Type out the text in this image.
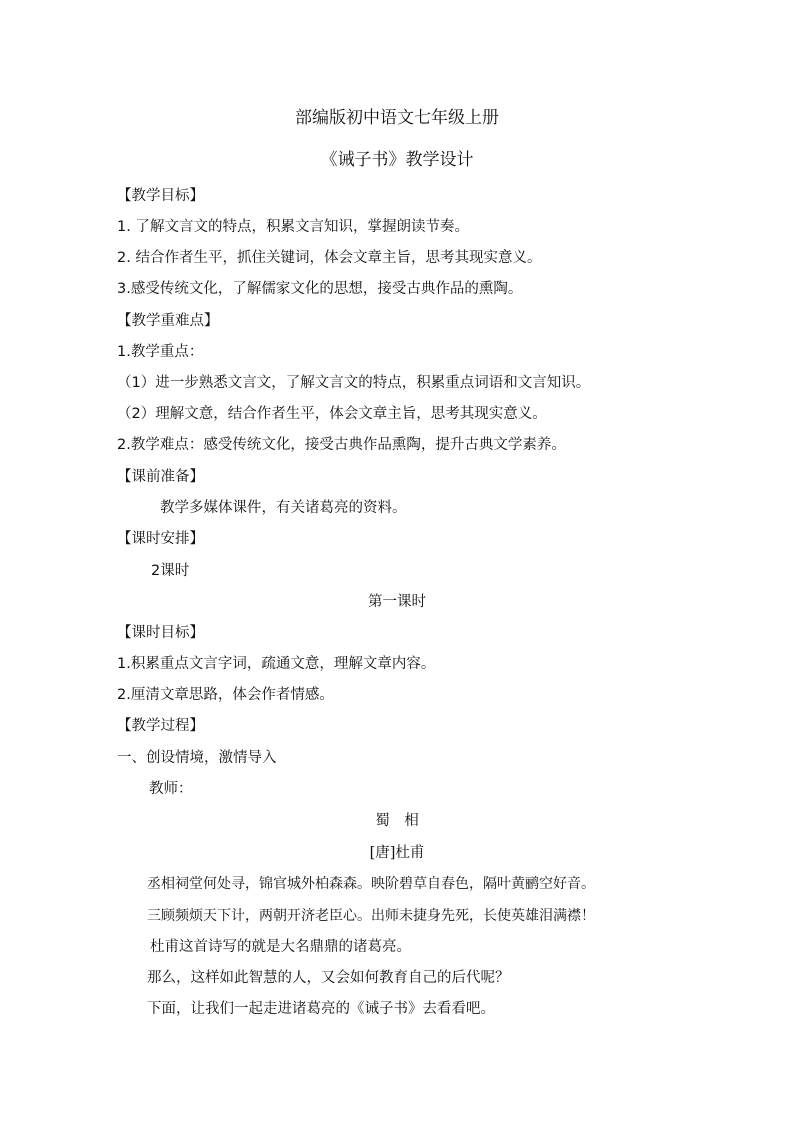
部编版初中语文七年级上册
《诫子书》教学设计
【教学目标】
1. 了解文言文的特点，积累文言知识，掌握朗读节奏。
2. 结合作者生平，抓住关键词，体会文章主旨，思考其现实意义。
3.感受传统文化，了解儒家文化的思想，接受古典作品的熏陶。
【教学重难点】
1.教学重点：
（1）进一步熟悉文言文，了解文言文的特点，积累重点词语和文言知识。
（2）理解文意，结合作者生平，体会文章主旨，思考其现实意义。
2.教学难点：感受传统文化，接受古典作品熏陶，提升古典文学素养。
【课前准备】
教学多媒体课件，有关诸葛亮的资料。
【课时安排】
2课时
第一课时
【课时目标】
1.积累重点文言字词，疏通文意，理解文章内容。
2.厘清文章思路，体会作者情感。
【教学过程】
一、创设情境，激情导入
教师：
蜀　相
[唐]杜甫
丞相祠堂何处寻，锦官城外柏森森。映阶碧草自春色，隔叶黄鹂空好音。
三顾频烦天下计，两朝开济老臣心。出师未捷身先死，长使英雄泪满襟！
杜甫这首诗写的就是大名鼎鼎的诸葛亮。
那么，这样如此智慧的人，又会如何教育自己的后代呢？
下面，让我们一起走进诸葛亮的《诫子书》去看看吧。
